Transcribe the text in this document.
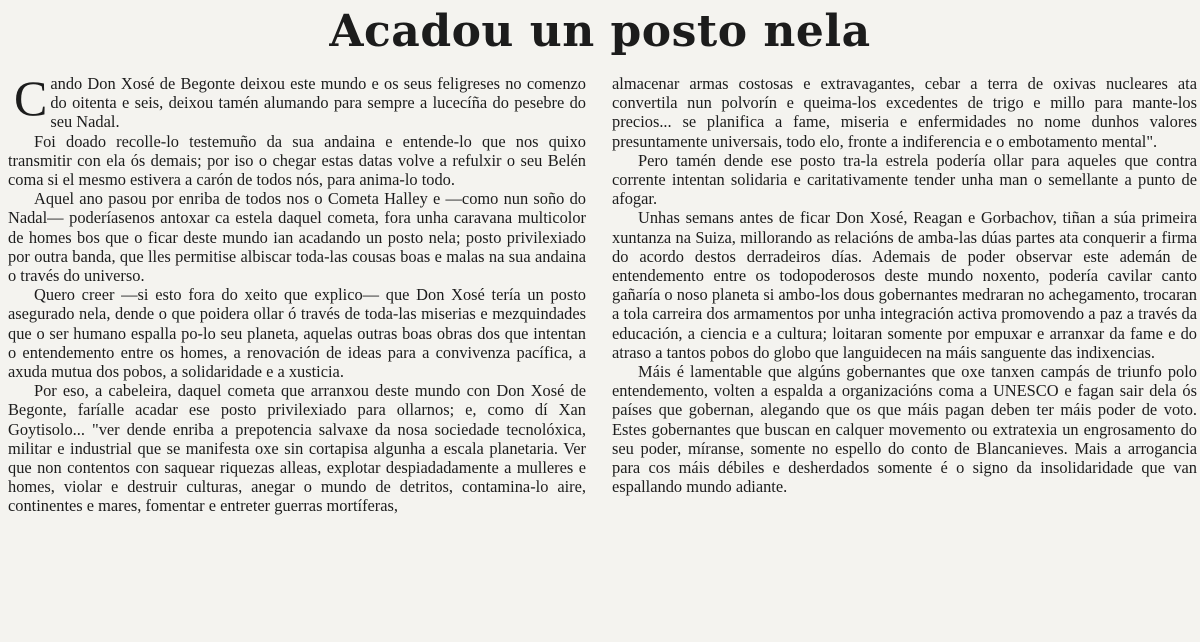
Acadou un posto nela

Cando Don Xosé de Begonte deixou este mundo e os seus feligreses no comenzo do oitenta e seis, deixou tamén alumando para sempre a lucecíña do pesebre do seu Nadal.

Foi doado recolle-lo testemuño da sua andaina e entende-lo que nos quixo transmitir con ela ós demais; por iso o chegar estas datas volve a refulxir o seu Belén coma si el mesmo estivera a carón de todos nós, para anima-lo todo.

Aquel ano pasou por enriba de todos nos o Cometa Halley e —como nun soño do Nadal— poderíasenos antoxar ca estela daquel cometa, fora unha caravana multicolor de homes bos que o ficar deste mundo ian acadando un posto nela; posto privilexiado por outra banda, que lles permitise albiscar toda-las cousas boas e malas na sua andaina o través do universo.

Quero creer —si esto fora do xeito que explico— que Don Xosé tería un posto asegurado nela, dende o que poidera ollar ó través de toda-las miserias e mezquindades que o ser humano espalla po-lo seu planeta, aquelas outras boas obras dos que intentan o entendemento entre os homes, a renovación de ideas para a convivenza pacífica, a axuda mutua dos pobos, a solidaridade e a xusticia.

Por eso, a cabeleira, daquel cometa que arranxou deste mundo con Don Xosé de Begonte, faríalle acadar ese posto privilexiado para ollarnos; e, como dí Xan Goytisolo... "ver dende enriba a prepotencia salvaxe da nosa sociedade tecnolóxica, militar e industrial que se manifesta oxe sin cortapisa algunha a escala planetaria. Ver que non contentos con saquear riquezas alleas, explotar despiadadamente a mulleres e homes, violar e destruir culturas, anegar o mundo de detritos, contamina-lo aire, continentes e mares, fomentar e entreter guerras mortíferas,

almacenar armas costosas e extravagantes, cebar a terra de oxivas nucleares ata convertila nun polvorín e queima-los excedentes de trigo e millo para mante-los precios... se planifica a fame, miseria e enfermidades no nome dunhos valores presuntamente universais, todo elo, fronte a indiferencia e o embotamento mental".

Pero tamén dende ese posto tra-la estrela podería ollar para aqueles que contra corrente intentan solidaria e caritativamente tender unha man o semellante a punto de afogar.

Unhas semans antes de ficar Don Xosé, Reagan e Gorbachov, tiñan a súa primeira xuntanza na Suiza, millorando as relacións de amba-las dúas partes ata conquerir a firma do acordo destos derradeiros días. Ademais de poder observar este ademán de entendemento entre os todopoderosos deste mundo noxento, podería cavilar canto gañaría o noso planeta si ambo-los dous gobernantes medraran no achegamento, trocaran a tola carreira dos armamentos por unha integración activa promovendo a paz a través da educación, a ciencia e a cultura; loitaran somente por empuxar e arranxar da fame e do atraso a tantos pobos do globo que languidecen na máis sanguente das indixencias.

Máis é lamentable que algúns gobernantes que oxe tanxen campás de triunfo polo entendemento, volten a espalda a organizacións coma a UNESCO e fagan sair dela ós países que gobernan, alegando que os que máis pagan deben ter máis poder de voto. Estes gobernantes que buscan en calquer movemento ou extratexia un engrosamento do seu poder, míranse, somente no espello do conto de Blancanieves. Mais a arrogancia para cos máis débiles e desherdados somente é o signo da insolidaridade que van espallando mundo adiante.
